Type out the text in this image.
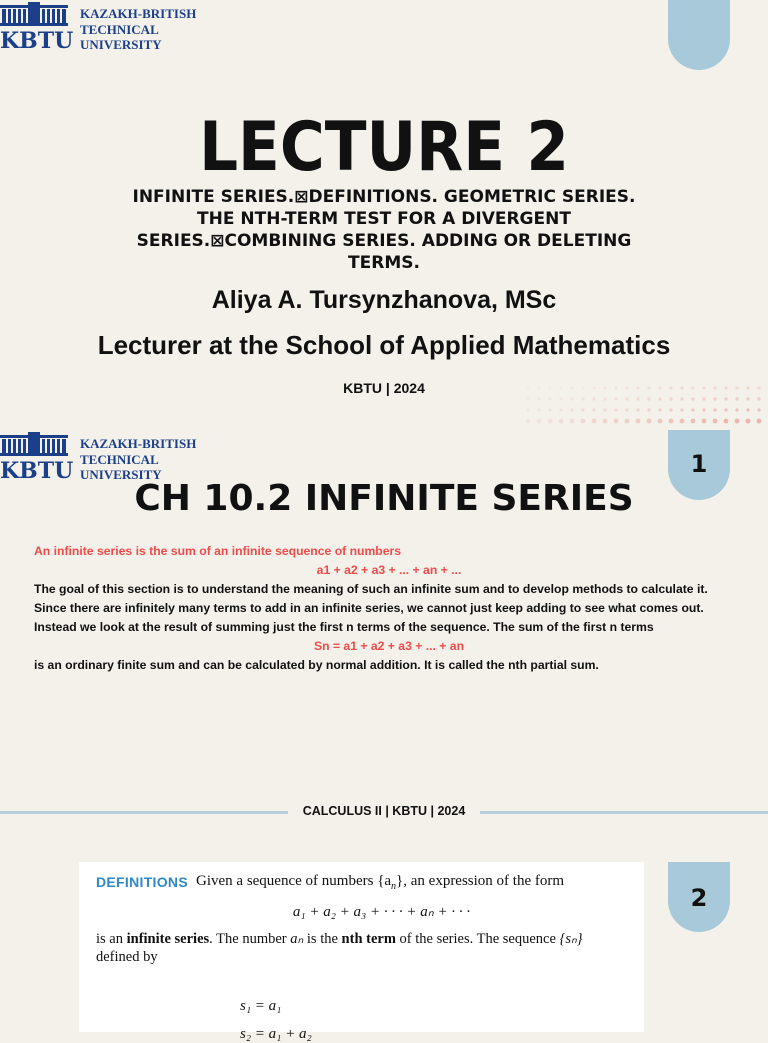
KBTU
KAZAKH-BRITISH
TECHNICAL
UNIVERSITY
LECTURE 2
INFINITE SERIES.⊠DEFINITIONS. GEOMETRIC SERIES.
THE NTH-TERM TEST FOR A DIVERGENT
SERIES.⊠COMBINING SERIES. ADDING OR DELETING
TERMS.
Aliya A. Tursynzhanova, MSc
Lecturer at the School of Applied Mathematics
KBTU | 2024
KBTU
KAZAKH-BRITISH
TECHNICAL
UNIVERSITY	1
CH 10.2 INFINITE SERIES
An infinite series is the sum of an infinite sequence of numbers
a1 + a2 + a3 + ... + an + ...
The goal of this section is to understand the meaning of such an infinite sum and to develop methods to calculate it.
Since there are infinitely many terms to add in an infinite series, we cannot just keep adding to see what comes out.
Instead we look at the result of summing just the first n terms of the sequence. The sum of the first n terms
Sn = a1 + a2 + a3 + ... + an
is an ordinary finite sum and can be calculated by normal addition. It is called the nth partial sum.
CALCULUS II | KBTU | 2024
2
DEFINITIONS Given a sequence of numbers $\{a_n\}$, an expression of the form
a₁ + a₂ + a₃ + · · · + aₙ + · · ·
is an infinite series. The number aₙ is the nth term of the series. The sequence {sₙ}
defined by
s₁ = a₁
s₂ = a₁ + a₂
